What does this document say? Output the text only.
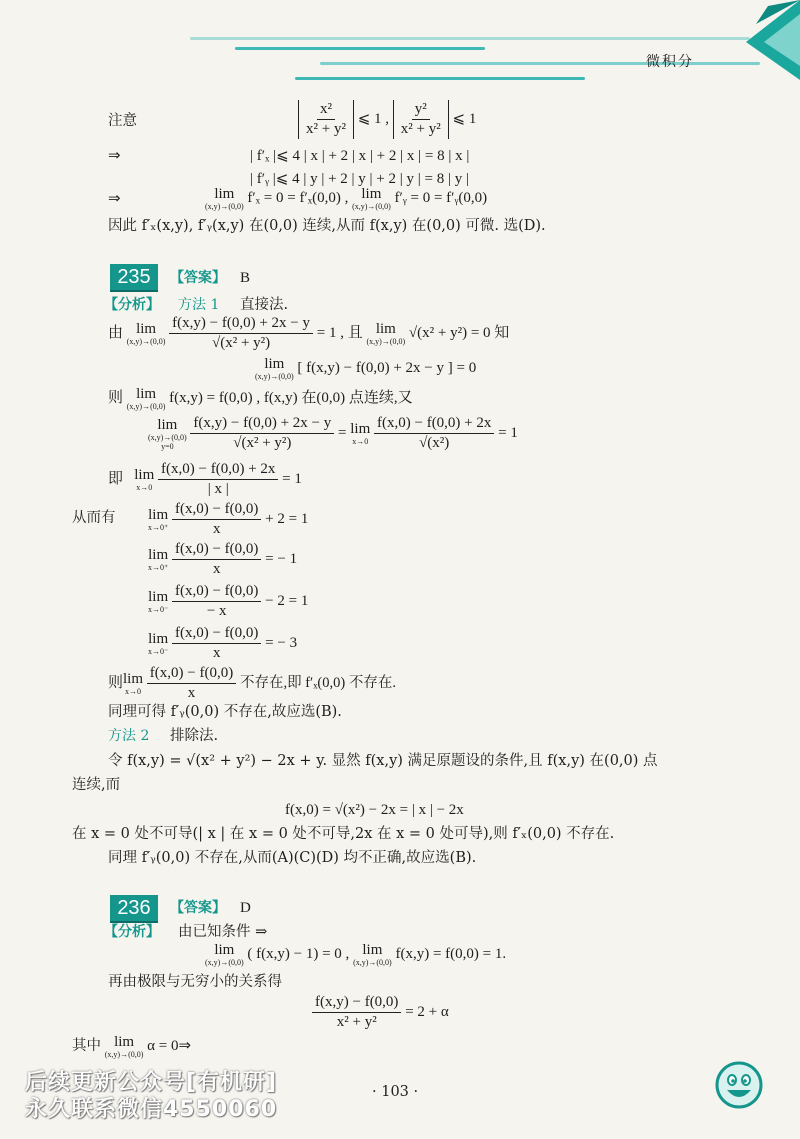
微积分
注意	$\frac{\text{x²}}{\text{x² + y²}}$ ⩽ 1 , $\frac{\text{y²}}{\text{x² + y²}}$ ⩽ 1
⇒	| f′ₓ |⩽ 4 | x | + 2 | x | + 2 | x | = 8 | x |
| f′ᵧ |⩽ 4 | y | + 2 | y | + 2 | y | = 8 | y |
⇒	lim
(x,y)→(0,0)
f′ₓ = 0 = f′ₓ(0,0) , lim
(x,y)→(0,0)
f′ᵧ = 0 = f′ᵧ(0,0)
因此 f′ₓ(x,y), f′ᵧ(x,y) 在(0,0) 连续,从而 f(x,y) 在(0,0) 可微. 选(D).
235	【答案】 B
【分析】 方法 1 直接法.
由 lim
(x,y)→(0,0)
$\frac{f(x,y) - f(0,0) + 2x - y}{\text{√(x² + y²)}} = 1$ , 且 lim
(x,y)→(0,0)
√(x² + y²) = 0 知
lim
(x,y)→(0,0)
[ f(x,y) − f(0,0) + 2x − y ] = 0
则 lim
(x,y)→(0,0)
f(x,y) = f(0,0) , f(x,y) 在(0,0) 点连续,又
lim
(x,y)→(0,0)
y=0
$\frac{f(x,y) - f(0,0) + 2x - y}{\text{√(x² + y²)}} = \lim$
x→0
$\frac{f(x,0) - f(0,0) + 2x}{\text{√(x²)}} = 1$
即 lim
x→0
$\frac{f(x,0) - f(0,0) + 2x}{| x |} = 1$
从而有 lim
x→0⁺
$\frac{f(x,0) - f(0,0)}{x} + 2 = 1$
lim
x→0⁺
$\frac{f(x,0) - f(0,0)}{x}$ = − 1
lim
x→0⁻
$\frac{f(x,0) - f(0,0)}{- x} - 2 = 1$
lim
x→0⁻
$\frac{f(x,0) - f(0,0)}{x}$ = − 3
则 lim
x→0
$\frac{f(x,0) - f(0,0)}{x}$ 不存在,即 f′ₓ(0,0) 不存在.
同理可得 f′ᵧ(0,0) 不存在,故应选(B).
方法 2 排除法.
令 f(x,y) = √(x² + y²) − 2x + y. 显然 f(x,y) 满足原题设的条件,且 f(x,y) 在(0,0) 点
连续,而
f(x,0) = √(x²) − 2x = | x | − 2x
在 x = 0 处不可导(| x | 在 x = 0 处不可导,2x 在 x = 0 处可导),则 f′ₓ(0,0) 不存在.
同理 f′ᵧ(0,0) 不存在,从而(A)(C)(D) 均不正确,故应选(B).
236	【答案】 D
【分析】 由已知条件 ⇒
lim
(x,y)→(0,0)
( f(x,y) − 1) = 0 , lim
(x,y)→(0,0)
f(x,y) = f(0,0) = 1.
再由极限与无穷小的关系得
$\frac{f(x,y) - f(0,0)}{\text{x² + y²}} = 2 + \alpha$
其中 lim
(x,y)→(0,0)
α = 0⇒
· 103 ·
后续更新公众号[有机研]
永久联系微信4550060
